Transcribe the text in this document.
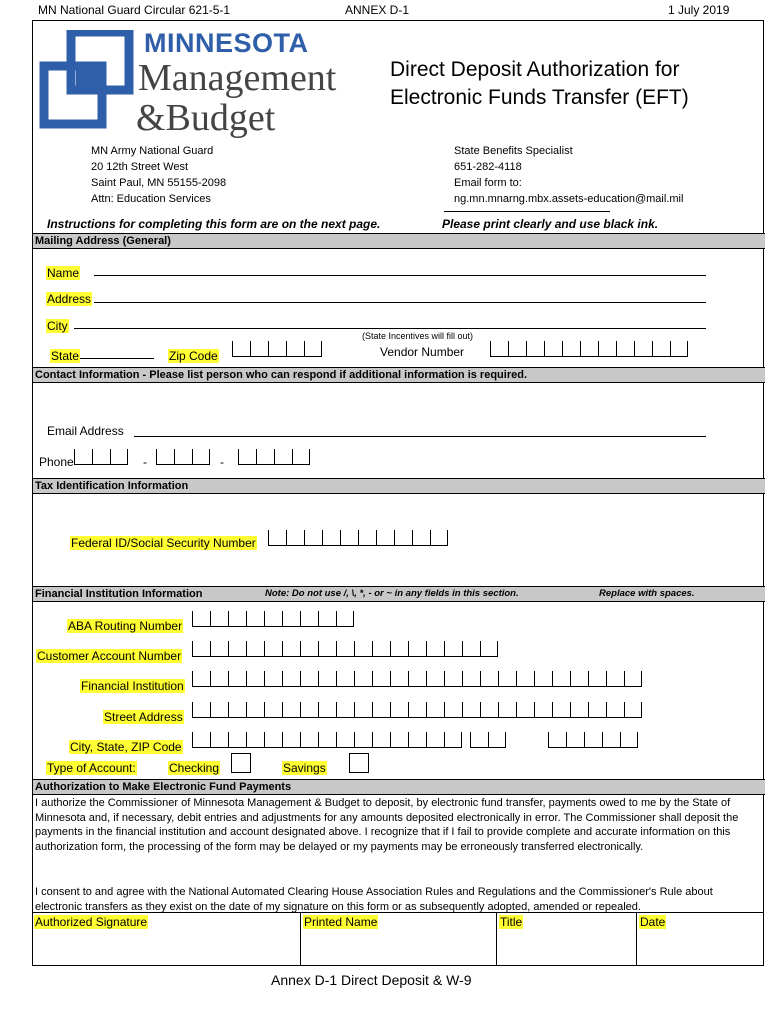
MN National Guard Circular 621-5-1	ANNEX D-1	1 July 2019
MINNESOTA
Management
&Budget
Direct Deposit Authorization for
Electronic Funds Transfer (EFT)
MN Army National Guard
20 12th Street West
Saint Paul, MN 55155-2098
Attn: Education Services
State Benefits Specialist
651-282-4118
Email form to:
ng.mn.mnarng.mbx.assets-education@mail.mil
Instructions for completing this form are on the next page.	Please print clearly and use black ink.
Mailing Address (General)
Name
Address
City
(State Incentives will fill out)
State	Zip Code	Vendor Number
Contact Information - Please list person who can respond if additional information is required.
Email Address
Phone	-	-
Tax Identification Information
Federal ID/Social Security Number
Financial Institution Information	Note: Do not use /, \, *, - or ~ in any fields in this section.	Replace with spaces.
ABA Routing Number
Customer Account Number
Financial Institution
Street Address
City, State, ZIP Code
Type of Account:	Checking	Savings
Authorization to Make Electronic Fund Payments
I authorize the Commissioner of Minnesota Management & Budget to deposit, by electronic fund transfer, payments owed to me by the State of Minnesota and, if necessary, debit entries and adjustments for any amounts deposited electronically in error. The Commissioner shall deposit the payments in the financial institution and account designated above. I recognize that if I fail to provide complete and accurate information on this authorization form, the processing of the form may be delayed or my payments may be erroneously transferred electronically.
I consent to and agree with the National Automated Clearing House Association Rules and Regulations and the Commissioner's Rule about electronic transfers as they exist on the date of my signature on this form or as subsequently adopted, amended or repealed.
Authorized Signature	Printed Name	Title	Date
Annex D-1 Direct Deposit & W-9
